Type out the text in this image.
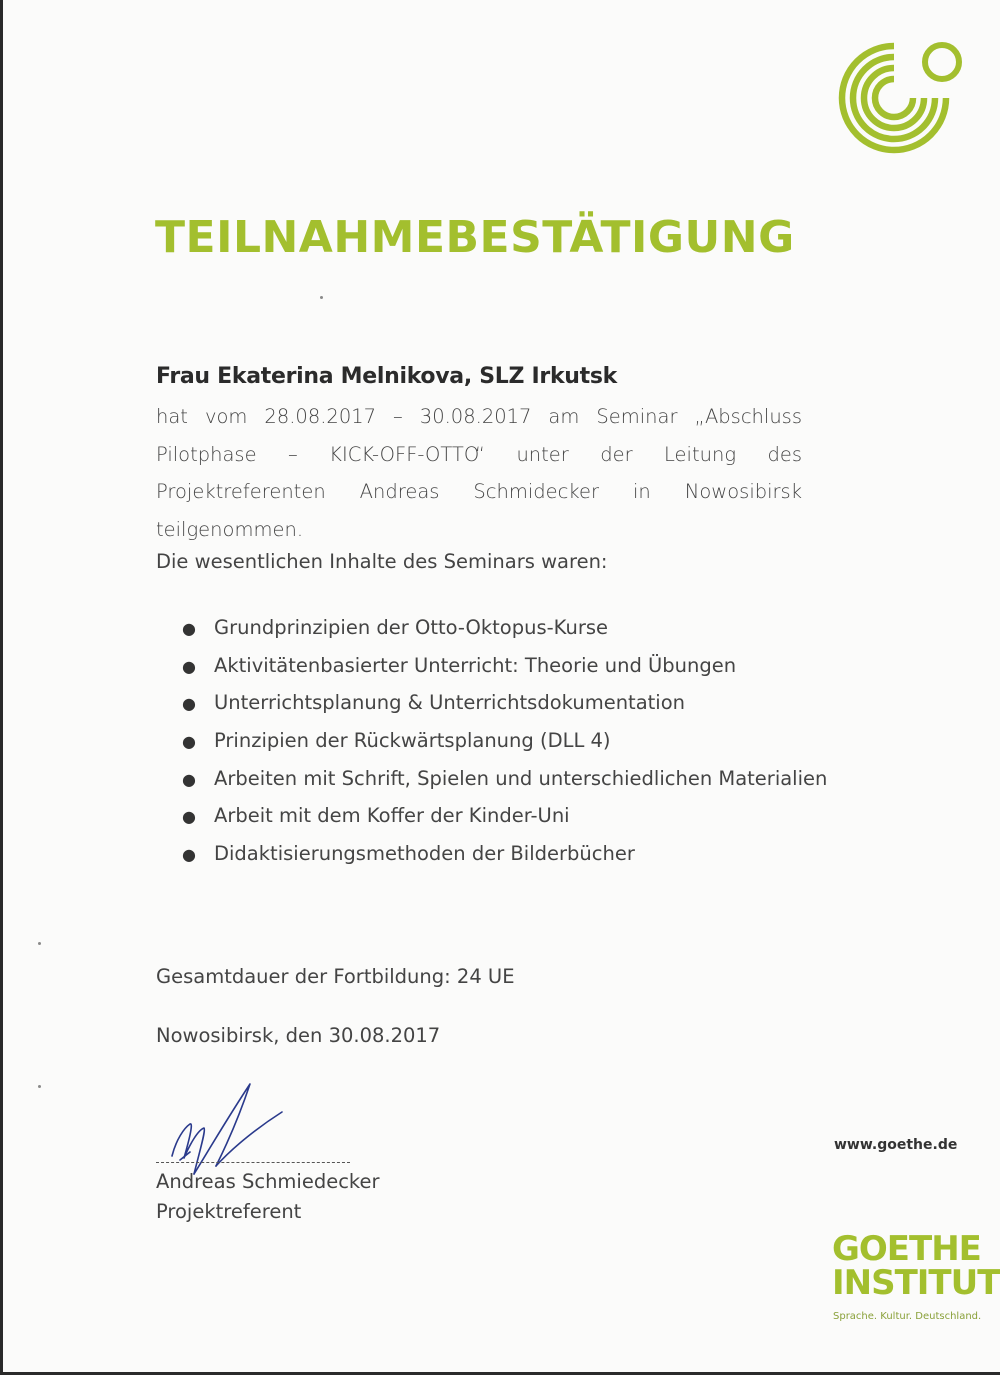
TEILNAHMEBESTÄTIGUNG

Frau Ekaterina Melnikova, SLZ Irkutsk

hat vom 28.08.2017 – 30.08.2017 am Seminar „Abschluss Pilotphase – KICK-OFF-OTTO“ unter der Leitung des Projektreferenten Andreas Schmidecker in Nowosibirsk teilgenommen.

Die wesentlichen Inhalte des Seminars waren:

● Grundprinzipien der Otto-Oktopus-Kurse
● Aktivitätenbasierter Unterricht: Theorie und Übungen
● Unterrichtsplanung & Unterrichtsdokumentation
● Prinzipien der Rückwärtsplanung (DLL 4)
● Arbeiten mit Schrift, Spielen und unterschiedlichen Materialien
● Arbeit mit dem Koffer der Kinder-Uni
● Didaktisierungsmethoden der Bilderbücher

Gesamtdauer der Fortbildung: 24 UE

Nowosibirsk, den 30.08.2017

Andreas Schmiedecker

Projektreferent

www.goethe.de

GOETHE
INSTITUT

Sprache. Kultur. Deutschland.
